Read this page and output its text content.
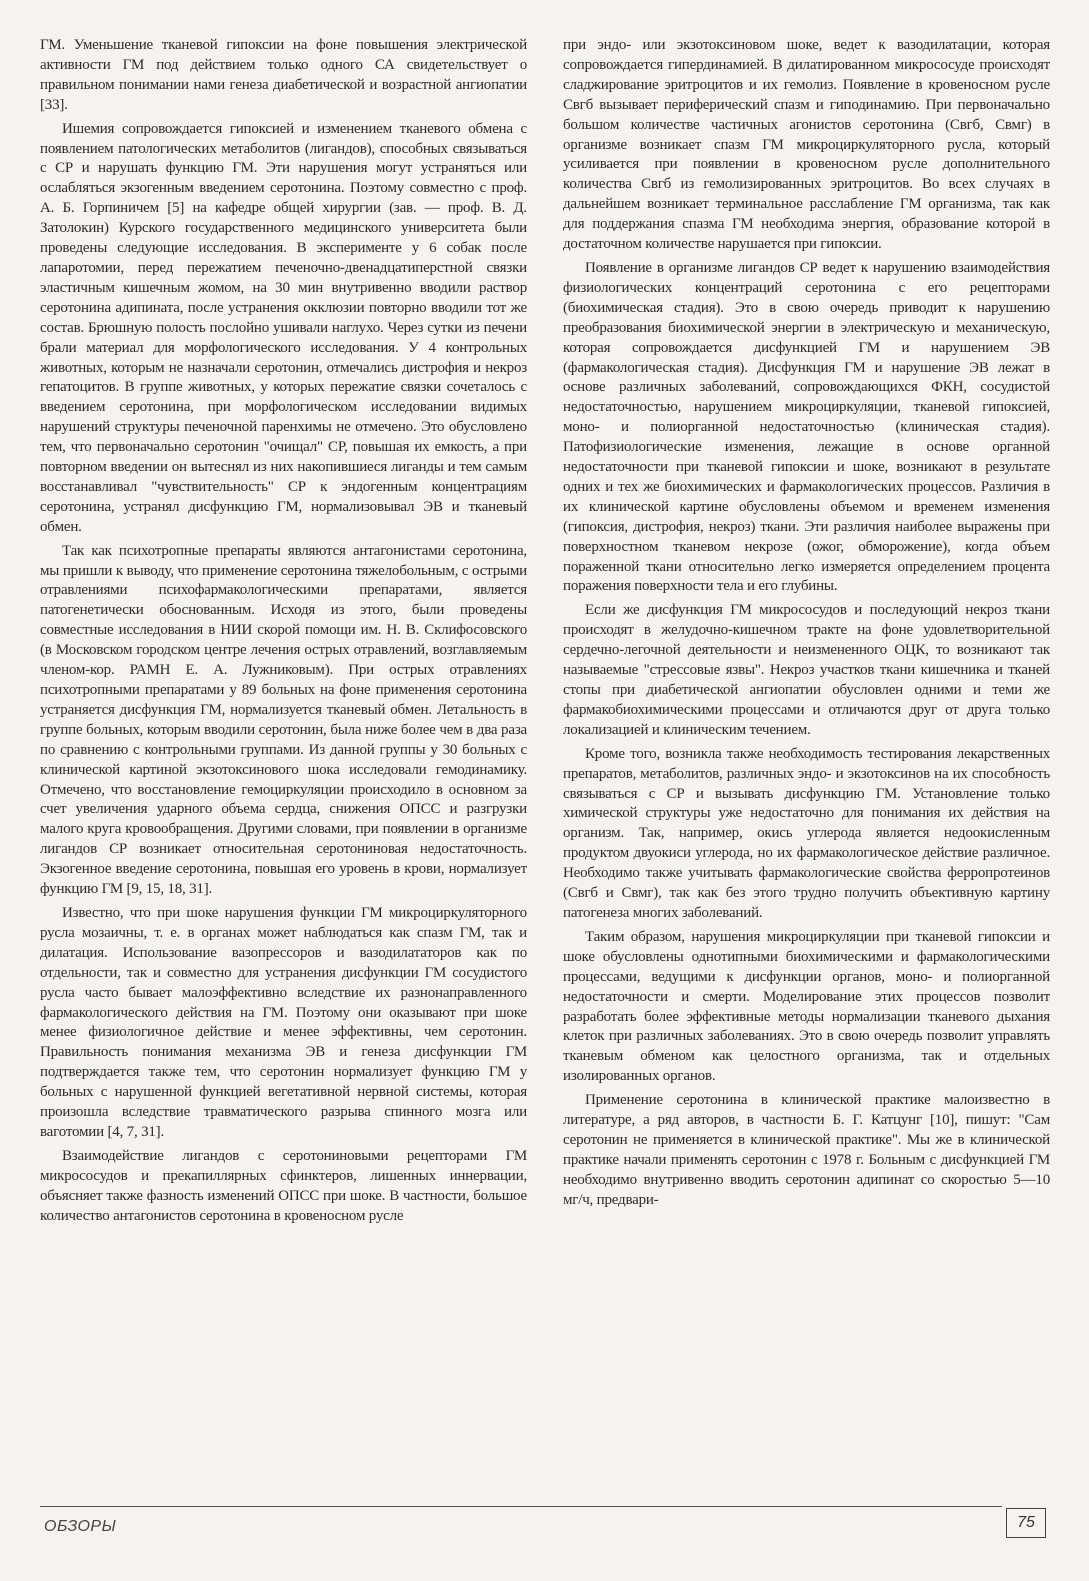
ГМ. Уменьшение тканевой гипоксии на фоне повышения электрической активности ГМ под действием только одного СА свидетельствует о правильном понимании нами генеза диабетической и возрастной ангиопатии [33].

Ишемия сопровождается гипоксией и изменением тканевого обмена с появлением патологических метаболитов (лигандов), способных связываться с СР и нарушать функцию ГМ. Эти нарушения могут устраняться или ослабляться экзогенным введением серотонина. Поэтому совместно с проф. А. Б. Горпиничем [5] на кафедре общей хирургии (зав. — проф. В. Д. Затолокин) Курского государственного медицинского университета были проведены следующие исследования. В эксперименте у 6 собак после лапаротомии, перед пережатием печеночно-двенадцатиперстной связки эластичным кишечным жомом, на 30 мин внутривенно вводили раствор серотонина адипината, после устранения окклюзии повторно вводили тот же состав. Брюшную полость послойно ушивали наглухо. Через сутки из печени брали материал для морфологического исследования. У 4 контрольных животных, которым не назначали серотонин, отмечались дистрофия и некроз гепатоцитов. В группе животных, у которых пережатие связки сочеталось с введением серотонина, при морфологическом исследовании видимых нарушений структуры печеночной паренхимы не отмечено. Это обусловлено тем, что первоначально серотонин "очищал" СР, повышая их емкость, а при повторном введении он вытеснял из них накопившиеся лиганды и тем самым восстанавливал "чувствительность" СР к эндогенным концентрациям серотонина, устранял дисфункцию ГМ, нормализовывал ЭВ и тканевый обмен.

Так как психотропные препараты являются антагонистами серотонина, мы пришли к выводу, что применение серотонина тяжелобольным, с острыми отравлениями психофармакологическими препаратами, является патогенетически обоснованным. Исходя из этого, были проведены совместные исследования в НИИ скорой помощи им. Н. В. Склифосовского (в Московском городском центре лечения острых отравлений, возглавляемым членом-кор. РАМН Е. А. Лужниковым). При острых отравлениях психотропными препаратами у 89 больных на фоне применения серотонина устраняется дисфункция ГМ, нормализуется тканевый обмен. Летальность в группе больных, которым вводили серотонин, была ниже более чем в два раза по сравнению с контрольными группами. Из данной группы у 30 больных с клинической картиной экзотоксинового шока исследовали гемодинамику. Отмечено, что восстановление гемоциркуляции происходило в основном за счет увеличения ударного объема сердца, снижения ОПСС и разгрузки малого круга кровообращения. Другими словами, при появлении в организме лигандов СР возникает относительная серотониновая недостаточность. Экзогенное введение серотонина, повышая его уровень в крови, нормализует функцию ГМ [9, 15, 18, 31].

Известно, что при шоке нарушения функции ГМ микроциркуляторного русла мозаичны, т. е. в органах может наблюдаться как спазм ГМ, так и дилатация. Использование вазопрессоров и вазодилататоров как по отдельности, так и совместно для устранения дисфункции ГМ сосудистого русла часто бывает малоэффективно вследствие их разнонаправленного фармакологического действия на ГМ. Поэтому они оказывают при шоке менее физиологичное действие и менее эффективны, чем серотонин. Правильность понимания механизма ЭВ и генеза дисфункции ГМ подтверждается также тем, что серотонин нормализует функцию ГМ у больных с нарушенной функцией вегетативной нервной системы, которая произошла вследствие травматического разрыва спинного мозга или ваготомии [4, 7, 31].

Взаимодействие лигандов с серотониновыми рецепторами ГМ микрососудов и прекапиллярных сфинктеров, лишенных иннервации, объясняет также фазность изменений ОПСС при шоке. В частности, большое количество антагонистов серотонина в кровеносном русле

при эндо- или экзотоксиновом шоке, ведет к вазодилатации, которая сопровождается гипердинамией. В дилатированном микрососуде происходят сладжирование эритроцитов и их гемолиз. Появление в кровеносном русле Свгб вызывает периферический спазм и гиподинамию. При первоначально большом количестве частичных агонистов серотонина (Свгб, Свмг) в организме возникает спазм ГМ микроциркуляторного русла, который усиливается при появлении в кровеносном русле дополнительного количества Свгб из гемолизированных эритроцитов. Во всех случаях в дальнейшем возникает терминальное расслабление ГМ организма, так как для поддержания спазма ГМ необходима энергия, образование которой в достаточном количестве нарушается при гипоксии.

Появление в организме лигандов СР ведет к нарушению взаимодействия физиологических концентраций серотонина с его рецепторами (биохимическая стадия). Это в свою очередь приводит к нарушению преобразования биохимической энергии в электрическую и механическую, которая сопровождается дисфункцией ГМ и нарушением ЭВ (фармакологическая стадия). Дисфункция ГМ и нарушение ЭВ лежат в основе различных заболеваний, сопровождающихся ФКН, сосудистой недостаточностью, нарушением микроциркуляции, тканевой гипоксией, моно- и полиорганной недостаточностью (клиническая стадия). Патофизиологические изменения, лежащие в основе органной недостаточности при тканевой гипоксии и шоке, возникают в результате одних и тех же биохимических и фармакологических процессов. Различия в их клинической картине обусловлены объемом и временем изменения (гипоксия, дистрофия, некроз) ткани. Эти различия наиболее выражены при поверхностном тканевом некрозе (ожог, обморожение), когда объем пораженной ткани относительно легко измеряется определением процента поражения поверхности тела и его глубины.

Если же дисфункция ГМ микрососудов и последующий некроз ткани происходят в желудочно-кишечном тракте на фоне удовлетворительной сердечно-легочной деятельности и неизмененного ОЦК, то возникают так называемые "стрессовые язвы". Некроз участков ткани кишечника и тканей стопы при диабетической ангиопатии обусловлен одними и теми же фармакобиохимическими процессами и отличаются друг от друга только локализацией и клиническим течением.

Кроме того, возникла также необходимость тестирования лекарственных препаратов, метаболитов, различных эндо- и экзотоксинов на их способность связываться с СР и вызывать дисфункцию ГМ. Установление только химической структуры уже недостаточно для понимания их действия на организм. Так, например, окись углерода является недоокисленным продуктом двуокиси углерода, но их фармакологическое действие различное. Необходимо также учитывать фармакологические свойства ферропротеинов (Свгб и Свмг), так как без этого трудно получить объективную картину патогенеза многих заболеваний.

Таким образом, нарушения микроциркуляции при тканевой гипоксии и шоке обусловлены однотипными биохимическими и фармакологическими процессами, ведущими к дисфункции органов, моно- и полиорганной недостаточности и смерти. Моделирование этих процессов позволит разработать более эффективные методы нормализации тканевого дыхания клеток при различных заболеваниях. Это в свою очередь позволит управлять тканевым обменом как целостного организма, так и отдельных изолированных органов.

Применение серотонина в клинической практике малоизвестно в литературе, а ряд авторов, в частности Б. Г. Катцунг [10], пишут: "Сам серотонин не применяется в клинической практике". Мы же в клинической практике начали применять серотонин с 1978 г. Больным с дисфункцией ГМ необходимо внутривенно вводить серотонин адипинат со скоростью 5—10 мг/ч, предвари-

ОБЗОРЫ	75
